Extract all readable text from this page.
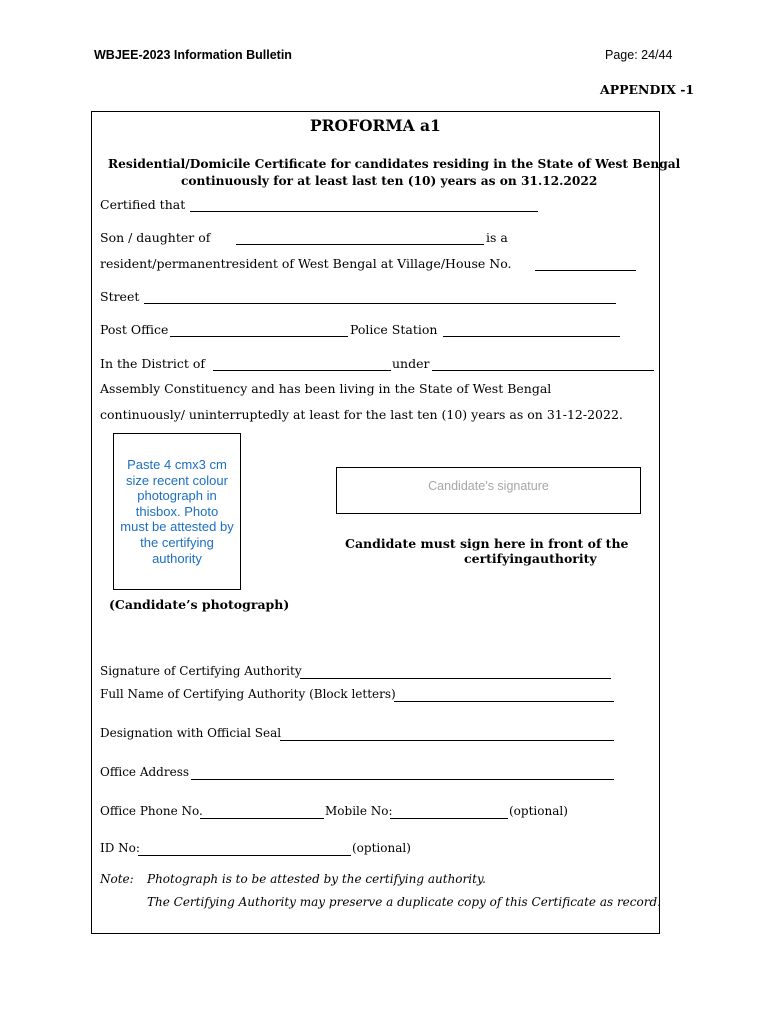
WBJEE-2023 Information Bulletin	Page: 24/44
APPENDIX -1
PROFORMA a1
Residential/Domicile Certificate for candidates residing in the State of West Bengal
continuously for at least last ten (10) years as on 31.12.2022
Certified that
Son / daughter of	is a
resident/permanentresident of West Bengal at Village/House No.
Street
Post Office	Police Station
In the District of	under
Assembly Constituency and has been living in the State of West Bengal
continuously/ uninterruptedly at least for the last ten (10) years as on 31-12-2022.
Paste 4 cmx3 cm size recent colour photograph in thisbox. Photo must be attested by the certifying authority
(Candidate’s photograph)
Candidate’s signature
Candidate must sign here in front of the
certifyingauthority
Signature of Certifying Authority
Full Name of Certifying Authority (Block letters)
Designation with Official Seal
Office Address
Office Phone No.	Mobile No:	(optional)
ID No:	(optional)
Note: Photograph is to be attested by the certifying authority.
The Certifying Authority may preserve a duplicate copy of this Certificate as record.
